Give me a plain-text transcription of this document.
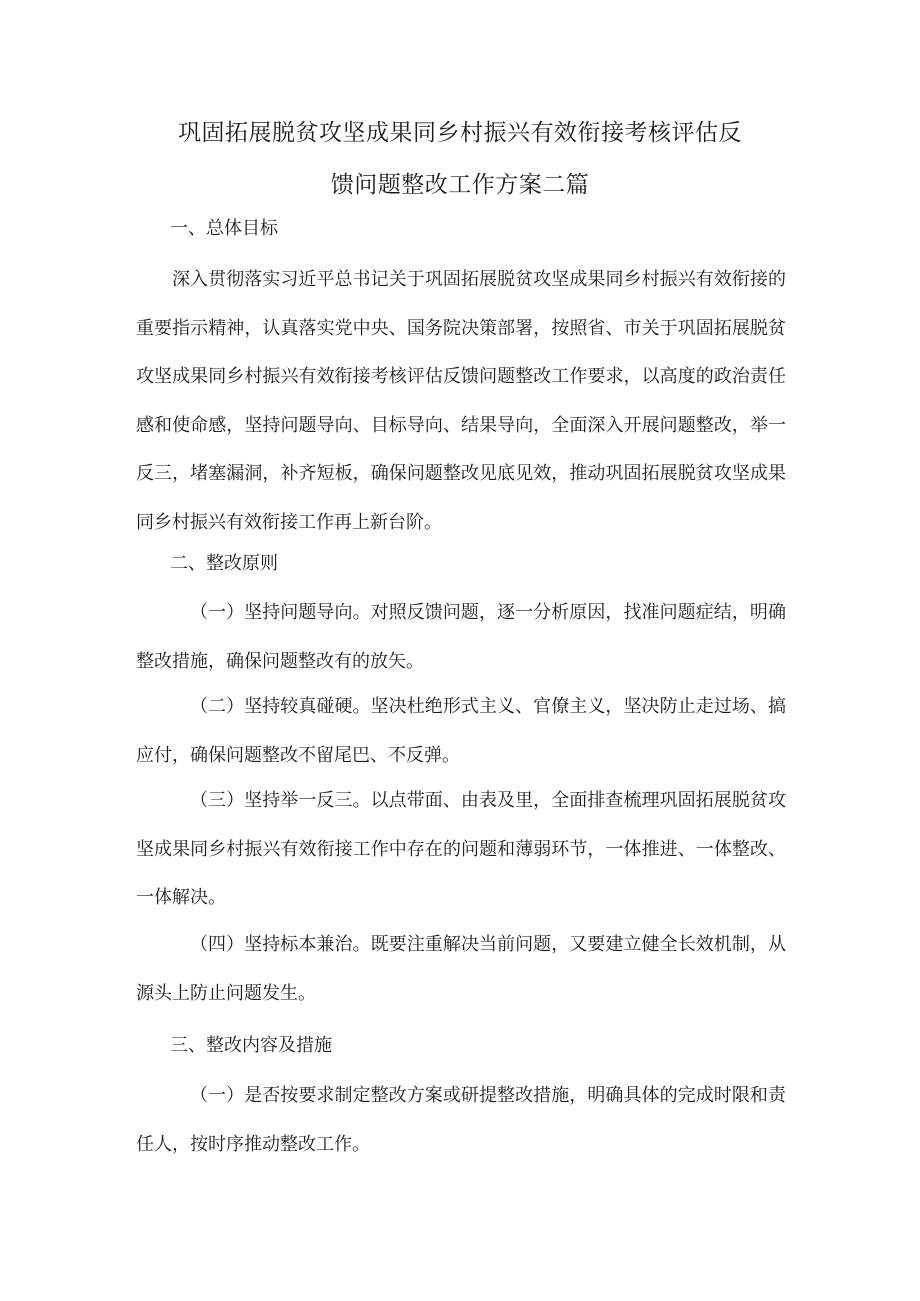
巩固拓展脱贫攻坚成果同乡村振兴有效衔接考核评估反
馈问题整改工作方案二篇
一、总体目标

深入贯彻落实习近平总书记关于巩固拓展脱贫攻坚成果同乡村振兴有效衔接的重要指示精神，认真落实党中央、国务院决策部署，按照省、市关于巩固拓展脱贫攻坚成果同乡村振兴有效衔接考核评估反馈问题整改工作要求，以高度的政治责任感和使命感，坚持问题导向、目标导向、结果导向，全面深入开展问题整改，举一反三，堵塞漏洞，补齐短板，确保问题整改见底见效，推动巩固拓展脱贫攻坚成果同乡村振兴有效衔接工作再上新台阶。

二、整改原则

（一）坚持问题导向。对照反馈问题，逐一分析原因，找准问题症结，明确整改措施，确保问题整改有的放矢。

（二）坚持较真碰硬。坚决杜绝形式主义、官僚主义，坚决防止走过场、搞应付，确保问题整改不留尾巴、不反弹。

（三）坚持举一反三。以点带面、由表及里，全面排查梳理巩固拓展脱贫攻坚成果同乡村振兴有效衔接工作中存在的问题和薄弱环节，一体推进、一体整改、一体解决。

（四）坚持标本兼治。既要注重解决当前问题，又要建立健全长效机制，从源头上防止问题发生。

三、整改内容及措施

（一）是否按要求制定整改方案或研提整改措施，明确具体的完成时限和责任人，按时序推动整改工作。
